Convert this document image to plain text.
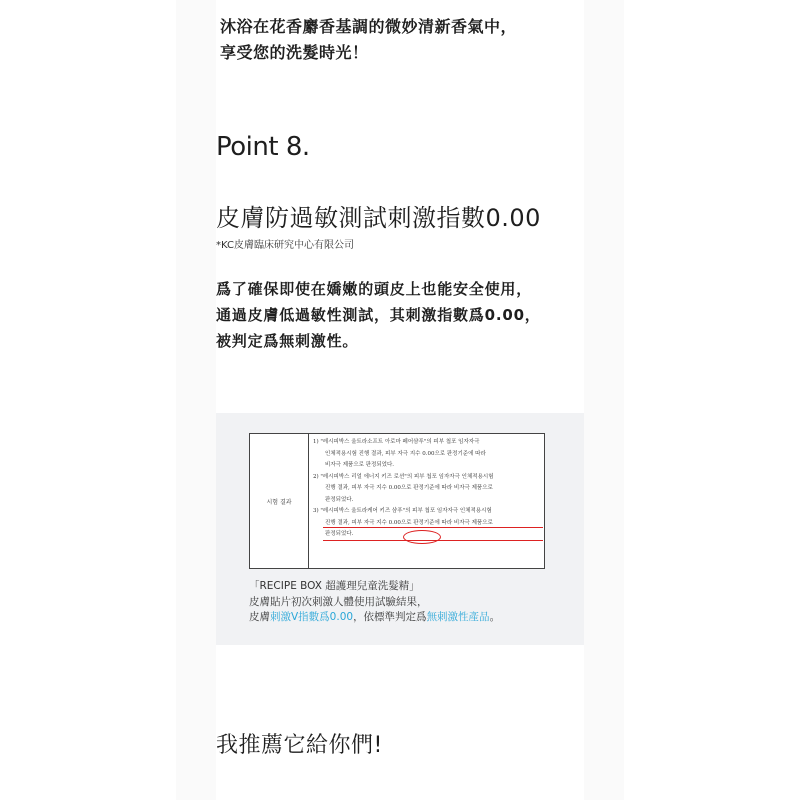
沐浴在花香麝香基調的微妙清新香氣中，
享受您的洗髮時光！
Point 8.
皮膚防過敏測試刺激指數0.00
*KC皮膚臨床研究中心有限公司
爲了確保即使在嬌嫩的頭皮上也能安全使用，
通過皮膚低過敏性測試，其刺激指數爲0.00，
被判定爲無刺激性。
시험 결과
1) "레시피박스 울트라소프트 아로마 페어샴푸"의 피부 첩포 임자자극
인체적용시험 진행 결과, 피부 자극 지수 0.00으로 판정기준에 따라
비자극 제품으로 판정되었다.
2) "레시피박스 리얼 에너지 키즈 로션"의 피부 첩포 임자자극 인체적용시험
진행 결과, 피부 자극 지수 0.00으로 판정기준에 따라 비자극 제품으로
판정되었다.
3) "레시피박스 울트라케어 키즈 샴푸"의 피부 첩포 임자자극 인체적용시험
진행 결과, 피부 자극 지수 0.00으로 판정기준에 따라 비자극 제품으로
판정되었다.
「RECIPE BOX 超護理兒童洗髮精」
皮膚貼片初次刺激人體使用試驗結果，
皮膚刺激V指數爲0.00，依標準判定爲無刺激性產品。
我推薦它給你們!
